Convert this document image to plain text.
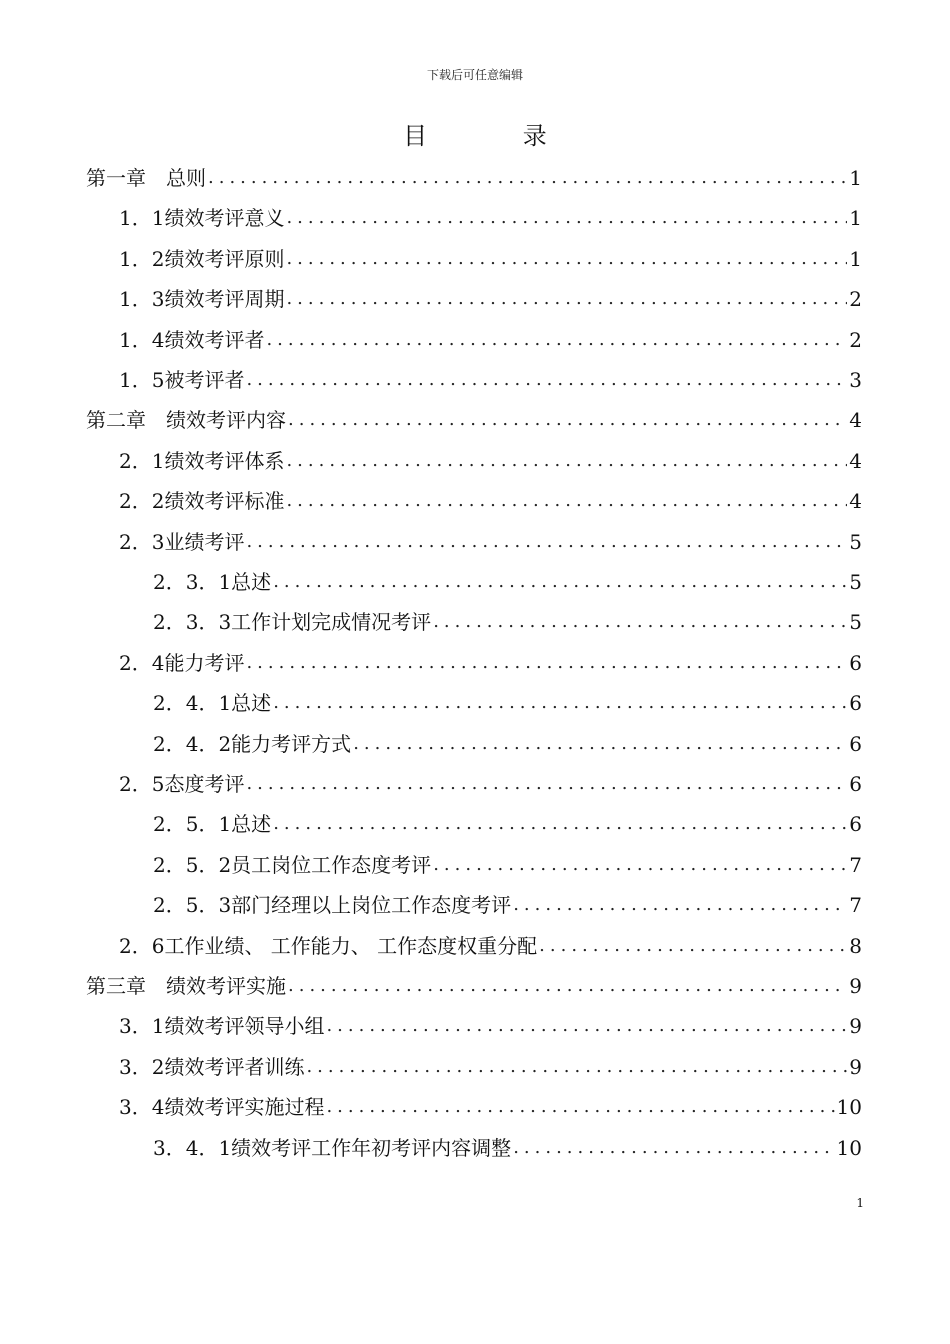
下载后可任意编辑
目 录
第一章　总则 .....	1
1．1绩效考评意义 .....	1
1．2绩效考评原则 .....	1
1．3绩效考评周期 .....	2
1．4绩效考评者 .....	2
1．5被考评者 .....	3
第二章　绩效考评内容 .....	4
2．1绩效考评体系 .....	4
2．2绩效考评标准 .....	4
2．3业绩考评 .....	5
2．3．1总述 .....	5
2．3．3工作计划完成情况考评 .....	5
2．4能力考评 .....	6
2．4．1总述 .....	6
2．4．2能力考评方式 .....	6
2．5态度考评 .....	6
2．5．1总述 .....	6
2．5．2员工岗位工作态度考评 .....	7
2．5．3部门经理以上岗位工作态度考评 .....	7
2．6工作业绩、 工作能力、 工作态度权重分配 .....	8
第三章　绩效考评实施 .....	9
3．1绩效考评领导小组 .....	9
3．2绩效考评者训练 .....	9
3．4绩效考评实施过程 .....	10
3．4．1绩效考评工作年初考评内容调整 .....	10
1
